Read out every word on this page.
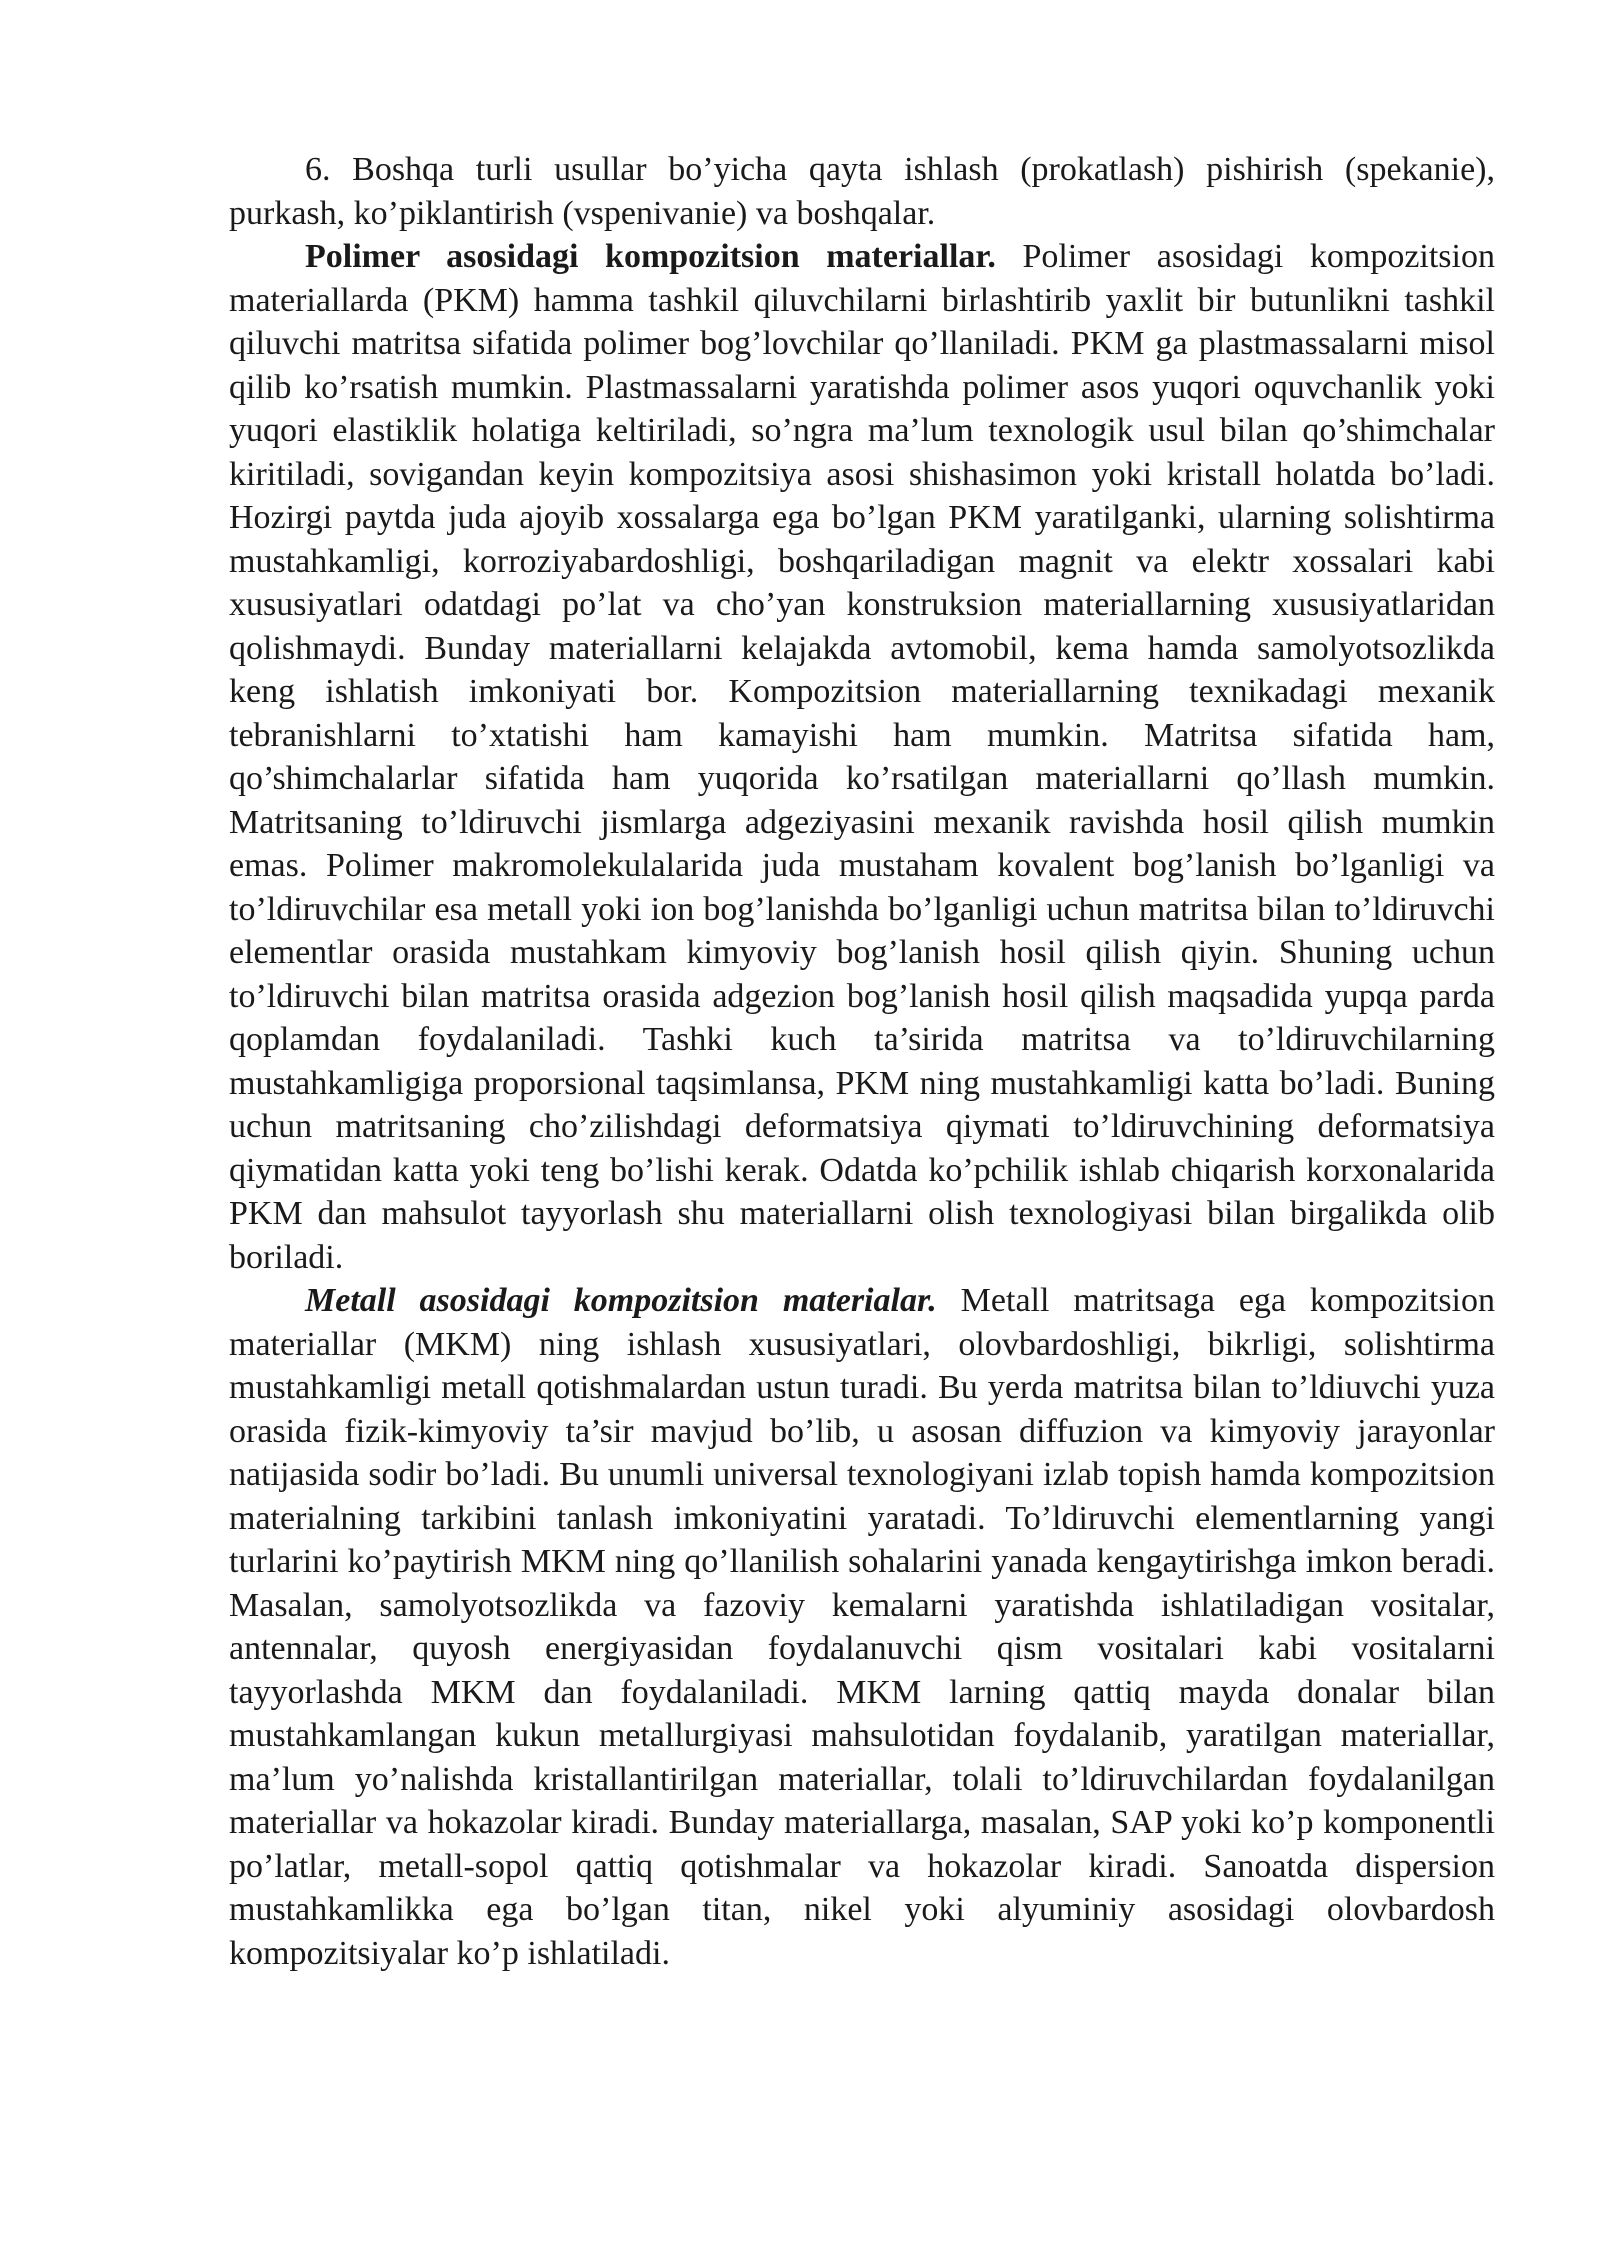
6. Boshqa turli usullar bo’yicha qayta ishlash (prokatlash) pishirish (spekanie), purkash, ko’piklantirish (vspenivanie) va boshqalar.

Polimer asosidagi kompozitsion materiallar. Polimer asosidagi kompozitsion materiallarda (PKM) hamma tashkil qiluvchilarni birlashtirib yaxlit bir butunlikni tashkil qiluvchi matritsa sifatida polimer bog’lovchilar qo’llaniladi. PKM ga plastmassalarni misol qilib ko’rsatish mumkin. Plastmassalarni yaratishda polimer asos yuqori oquvchanlik yoki yuqori elastiklik holatiga keltiriladi, so’ngra ma’lum texnologik usul bilan qo’shimchalar kiritiladi, sovigandan keyin kompozitsiya asosi shishasimon yoki kristall holatda bo’ladi. Hozirgi paytda juda ajoyib xossalarga ega bo’lgan PKM yaratilganki, ularning solishtirma mustahkamligi, korroziyabardoshligi, boshqariladigan magnit va elektr xossalari kabi xususiyatlari odatdagi po’lat va cho’yan konstruksion materiallarning xususiyatlaridan qolishmaydi. Bunday materiallarni kelajakda avtomobil, kema hamda samolyotsozlikda keng ishlatish imkoniyati bor. Kompozitsion materiallarning texnikadagi mexanik tebranishlarni to’xtatishi ham kamayishi ham mumkin. Matritsa sifatida ham, qo’shimchalarlar sifatida ham yuqorida ko’rsatilgan materiallarni qo’llash mumkin. Matritsaning to’ldiruvchi jismlarga adgeziyasini mexanik ravishda hosil qilish mumkin emas. Polimer makromolekulalarida juda mustaham kovalent bog’lanish bo’lganligi va to’ldiruvchilar esa metall yoki ion bog’lanishda bo’lganligi uchun matritsa bilan to’ldiruvchi elementlar orasida mustahkam kimyoviy bog’lanish hosil qilish qiyin. Shuning uchun to’ldiruvchi bilan matritsa orasida adgezion bog’lanish hosil qilish maqsadida yupqa parda qoplamdan foydalaniladi. Tashki kuch ta’sirida matritsa va to’ldiruvchilarning mustahkamligiga proporsional taqsimlansa, PKM ning mustahkamligi katta bo’ladi. Buning uchun matritsaning cho’zilishdagi deformatsiya qiymati to’ldiruvchining deformatsiya qiymatidan katta yoki teng bo’lishi kerak. Odatda ko’pchilik ishlab chiqarish korxonalarida PKM dan mahsulot tayyorlash shu materiallarni olish texnologiyasi bilan birgalikda olib boriladi.

Metall asosidagi kompozitsion materialar. Metall matritsaga ega kompozitsion materiallar (MKM) ning ishlash xususiyatlari, olovbardoshligi, bikrligi, solishtirma mustahkamligi metall qotishmalardan ustun turadi. Bu yerda matritsa bilan to’ldiuvchi yuza orasida fizik-kimyoviy ta’sir mavjud bo’lib, u asosan diffuzion va kimyoviy jarayonlar natijasida sodir bo’ladi. Bu unumli universal texnologiyani izlab topish hamda kompozitsion materialning tarkibini tanlash imkoniyatini yaratadi. To’ldiruvchi elementlarning yangi turlarini ko’paytirish MKM ning qo’llanilish sohalarini yanada kengaytirishga imkon beradi. Masalan, samolyotsozlikda va fazoviy kemalarni yaratishda ishlatiladigan vositalar, antennalar, quyosh energiyasidan foydalanuvchi qism vositalari kabi vositalarni tayyorlashda MKM dan foydalaniladi. MKM larning qattiq mayda donalar bilan mustahkamlangan kukun metallurgiyasi mahsulotidan foydalanib, yaratilgan materiallar, ma’lum yo’nalishda kristallantirilgan materiallar, tolali to’ldiruvchilardan foydalanilgan materiallar va hokazolar kiradi. Bunday materiallarga, masalan, SAP yoki ko’p komponentli po’latlar, metall-sopol qattiq qotishmalar va hokazolar kiradi. Sanoatda dispersion mustahkamlikka ega bo’lgan titan, nikel yoki alyuminiy asosidagi olovbardosh kompozitsiyalar ko’p ishlatiladi.
